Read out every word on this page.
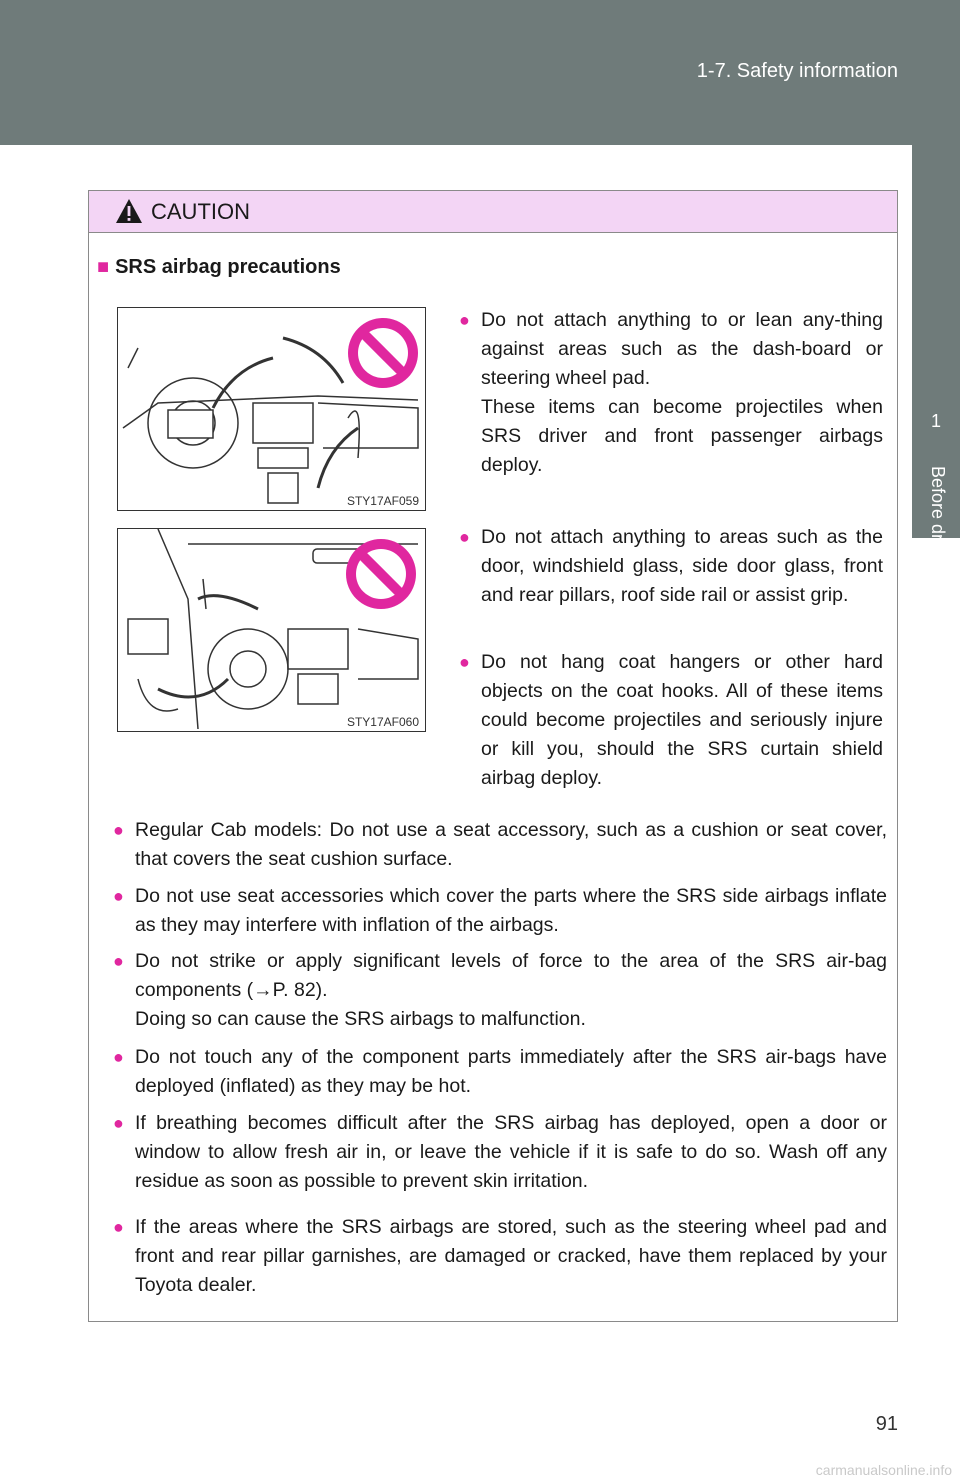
1-7. Safety information
1
Before driving
CAUTION
■ SRS airbag precautions
STY17AF059
STY17AF060
● Do not attach anything to or lean any-thing against areas such as the dash-board or steering wheel pad.
These items can become projectiles when SRS driver and front passenger airbags deploy.
● Do not attach anything to areas such as the door, windshield glass, side door glass, front and rear pillars, roof side rail or assist grip.
● Do not hang coat hangers or other hard objects on the coat hooks. All of these items could become projectiles and seriously injure or kill you, should the SRS curtain shield airbag deploy.
● Regular Cab models: Do not use a seat accessory, such as a cushion or seat cover, that covers the seat cushion surface.
● Do not use seat accessories which cover the parts where the SRS side airbags inflate as they may interfere with inflation of the airbags.
● Do not strike or apply significant levels of force to the area of the SRS air-bag components (→P. 82).
Doing so can cause the SRS airbags to malfunction.
● Do not touch any of the component parts immediately after the SRS air-bags have deployed (inflated) as they may be hot.
● If breathing becomes difficult after the SRS airbag has deployed, open a door or window to allow fresh air in, or leave the vehicle if it is safe to do so. Wash off any residue as soon as possible to prevent skin irritation.
● If the areas where the SRS airbags are stored, such as the steering wheel pad and front and rear pillar garnishes, are damaged or cracked, have them replaced by your Toyota dealer.
91
carmanualsonline.info
